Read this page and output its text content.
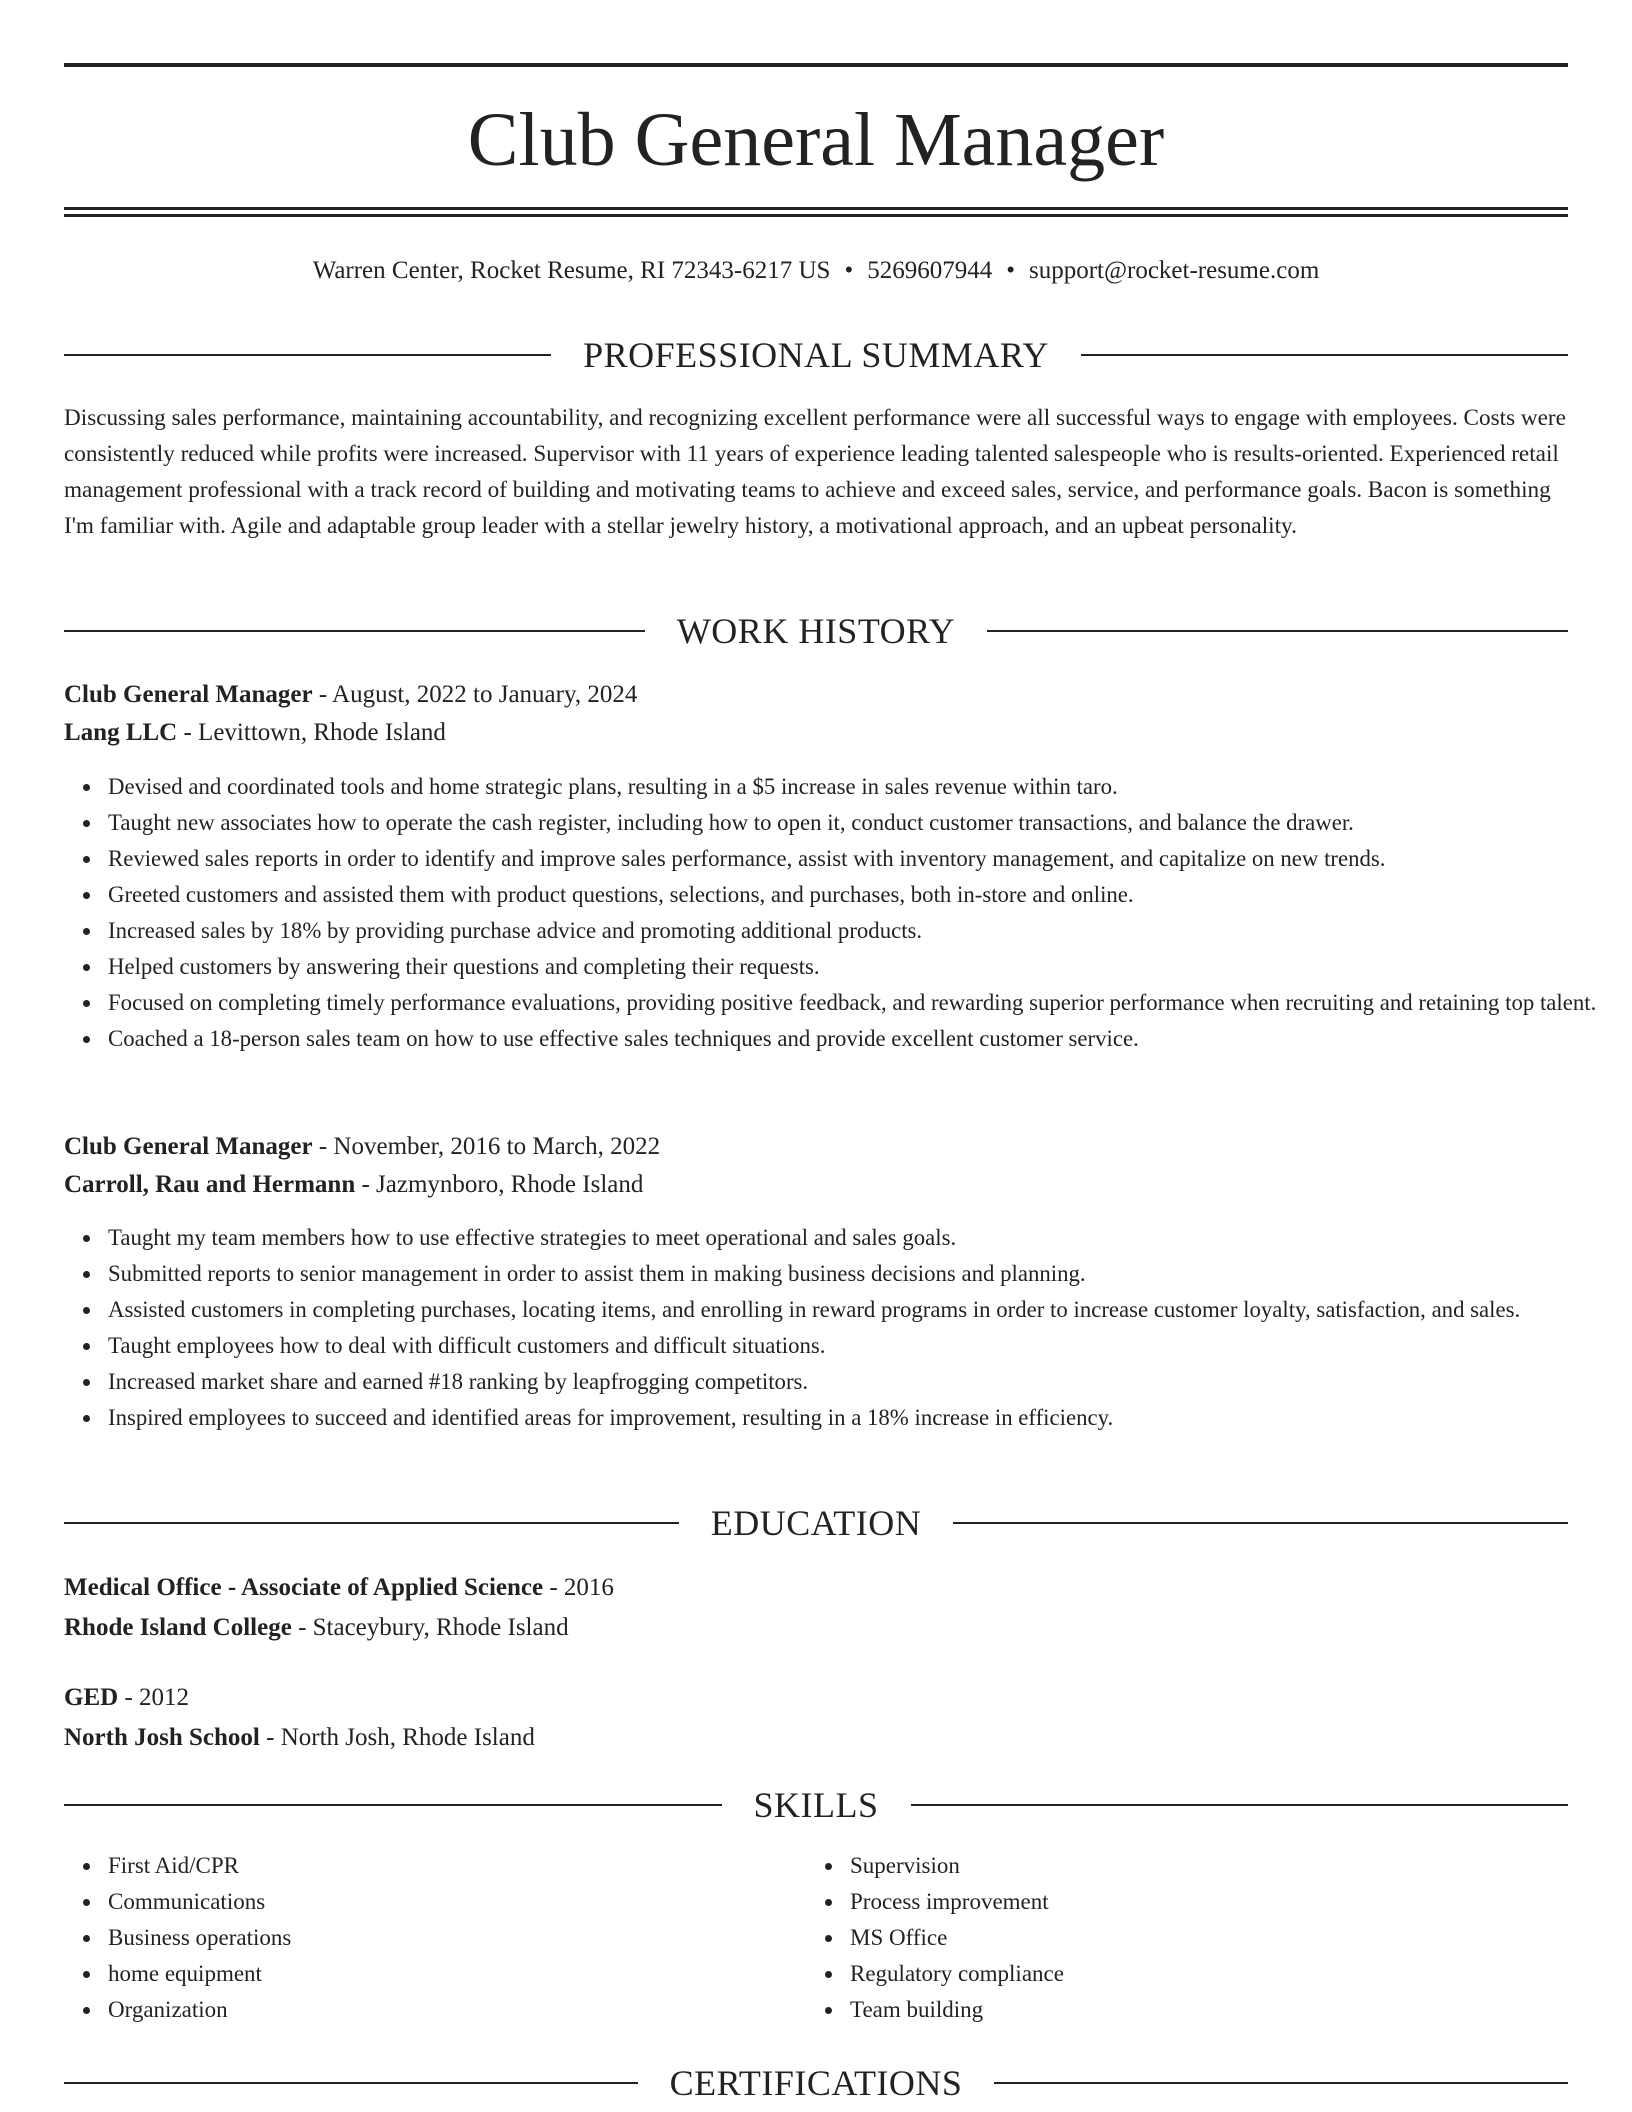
Club General Manager
Warren Center, Rocket Resume, RI 72343-6217 US • 5269607944 • support@rocket-resume.com
PROFESSIONAL SUMMARY

Discussing sales performance, maintaining accountability, and recognizing excellent performance were all successful ways to engage with employees. Costs were consistently reduced while profits were increased. Supervisor with 11 years of experience leading talented salespeople who is results-oriented. Experienced retail management professional with a track record of building and motivating teams to achieve and exceed sales, service, and performance goals. Bacon is something I'm familiar with. Agile and adaptable group leader with a stellar jewelry history, a motivational approach, and an upbeat personality.

WORK HISTORY
Club General Manager - August, 2022 to January, 2024
Lang LLC - Levittown, Rhode Island
Devised and coordinated tools and home strategic plans, resulting in a $5 increase in sales revenue within taro.
Taught new associates how to operate the cash register, including how to open it, conduct customer transactions, and balance the drawer.
Reviewed sales reports in order to identify and improve sales performance, assist with inventory management, and capitalize on new trends.
Greeted customers and assisted them with product questions, selections, and purchases, both in-store and online.
Increased sales by 18% by providing purchase advice and promoting additional products.
Helped customers by answering their questions and completing their requests.
Focused on completing timely performance evaluations, providing positive feedback, and rewarding superior performance when recruiting and retaining top talent.
Coached a 18-person sales team on how to use effective sales techniques and provide excellent customer service.
Club General Manager - November, 2016 to March, 2022
Carroll, Rau and Hermann - Jazmynboro, Rhode Island
Taught my team members how to use effective strategies to meet operational and sales goals.
Submitted reports to senior management in order to assist them in making business decisions and planning.
Assisted customers in completing purchases, locating items, and enrolling in reward programs in order to increase customer loyalty, satisfaction, and sales.
Taught employees how to deal with difficult customers and difficult situations.
Increased market share and earned #18 ranking by leapfrogging competitors.
Inspired employees to succeed and identified areas for improvement, resulting in a 18% increase in efficiency.
EDUCATION
Medical Office - Associate of Applied Science - 2016
Rhode Island College - Staceybury, Rhode Island
GED - 2012
North Josh School - North Josh, Rhode Island
SKILLS
First Aid/CPR
Communications
Business operations
home equipment
Organization
Supervision
Process improvement
MS Office
Regulatory compliance
Team building
CERTIFICATIONS
